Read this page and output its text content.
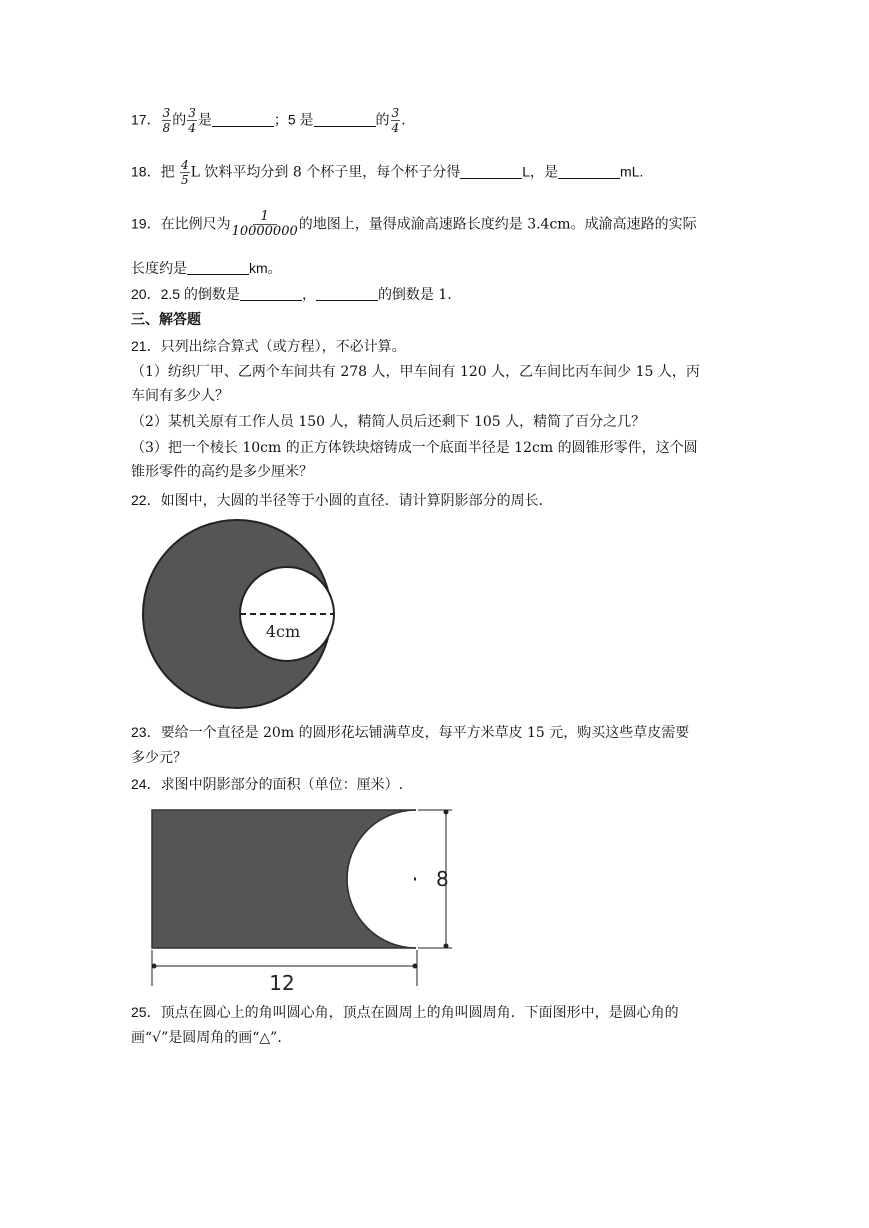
17． $\frac{3}{8}$ 的 $\frac{3}{4}$ 是	；5 是	的 $\frac{3}{4}$ .
18．把 $\frac{4}{5}$ L 饮料平均分到 8 个杯子里，每个杯子分得	L，是	mL.
19．在比例尺为 $\frac{1}{10000000}$ 的地图上，量得成渝高速路长度约是 3.4cm。成渝高速路的实际
长度约是	km。
20．2.5 的倒数是	，	的倒数是 1.
三、解答题
21．只列出综合算式（或方程），不必计算。
（1）纺织厂甲、乙两个车间共有 278 人，甲车间有 120 人，乙车间比丙车间少 15 人，丙
车间有多少人？
（2）某机关原有工作人员 150 人，精简人员后还剩下 105 人，精简了百分之几？
（3）把一个棱长 10cm 的正方体铁块熔铸成一个底面半径是 12cm 的圆锥形零件，这个圆
锥形零件的高约是多少厘米？
22．如图中，大圆的半径等于小圆的直径．请计算阴影部分的周长．
4cm
23．要给一个直径是 20m 的圆形花坛铺满草皮，每平方米草皮 15 元，购买这些草皮需要
多少元？
24．求图中阴影部分的面积（单位：厘米）.
8
12
25．顶点在圆心上的角叫圆心角，顶点在圆周上的角叫圆周角．下面图形中，是圆心角的
画“√”是圆周角的画“△”.
